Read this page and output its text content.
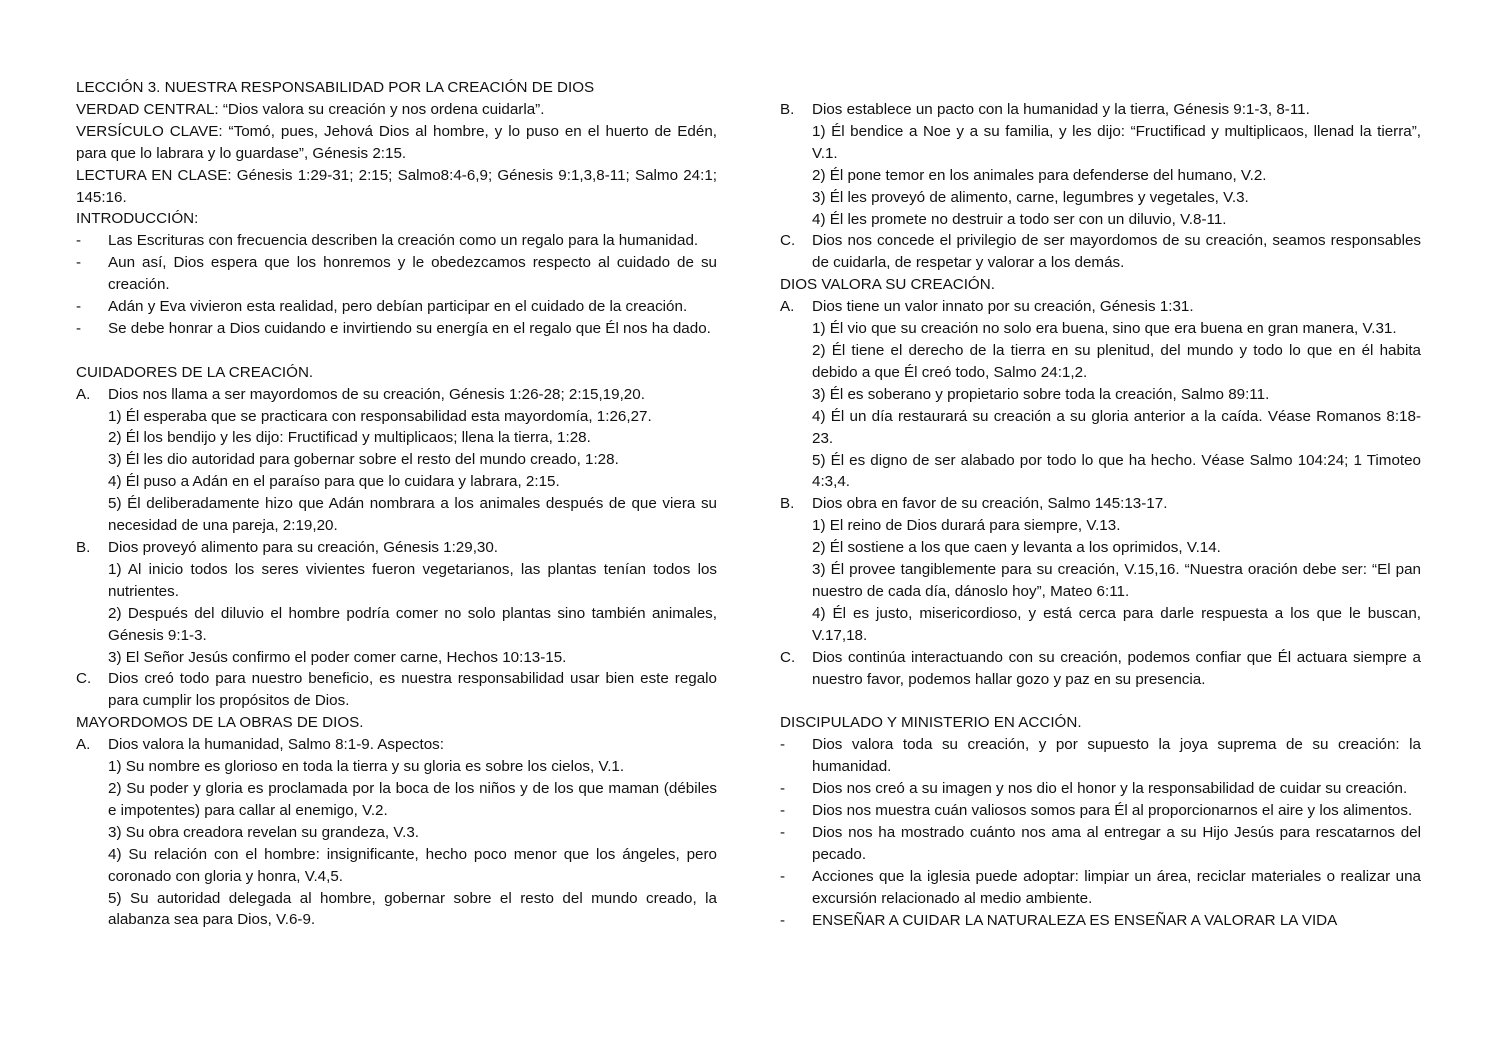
LECCIÓN 3. NUESTRA RESPONSABILIDAD POR LA CREACIÓN DE DIOS
VERDAD CENTRAL: “Dios valora su creación y nos ordena cuidarla”.
VERSÍCULO CLAVE: “Tomó, pues, Jehová Dios al hombre, y lo puso en el huerto de Edén, para que lo labrara y lo guardase”, Génesis 2:15.
LECTURA EN CLASE: Génesis 1:29-31; 2:15; Salmo8:4-6,9; Génesis 9:1,3,8-11; Salmo 24:1; 145:16.
INTRODUCCIÓN:
-	Las Escrituras con frecuencia describen la creación como un regalo para la humanidad.
-	Aun así, Dios espera que los honremos y le obedezcamos respecto al cuidado de su creación.
-	Adán y Eva vivieron esta realidad, pero debían participar en el cuidado de la creación.
-	Se debe honrar a Dios cuidando e invirtiendo su energía en el regalo que Él nos ha dado.
CUIDADORES DE LA CREACIÓN.
A.	Dios nos llama a ser mayordomos de su creación, Génesis 1:26-28; 2:15,19,20.
1) Él esperaba que se practicara con responsabilidad esta mayordomía, 1:26,27.
2) Él los bendijo y les dijo: Fructificad y multiplicaos; llena la tierra, 1:28.
3) Él les dio autoridad para gobernar sobre el resto del mundo creado, 1:28.
4) Él puso a Adán en el paraíso para que lo cuidara y labrara, 2:15.
5) Él deliberadamente hizo que Adán nombrara a los animales después de que viera su necesidad de una pareja, 2:19,20.
B.	Dios proveyó alimento para su creación, Génesis 1:29,30.
1) Al inicio todos los seres vivientes fueron vegetarianos, las plantas tenían todos los nutrientes.
2) Después del diluvio el hombre podría comer no solo plantas sino también animales, Génesis 9:1-3.
3) El Señor Jesús confirmo el poder comer carne, Hechos 10:13-15.
C.	Dios creó todo para nuestro beneficio, es nuestra responsabilidad usar bien este regalo para cumplir los propósitos de Dios.
MAYORDOMOS DE LA OBRAS DE DIOS.
A.	Dios valora la humanidad, Salmo 8:1-9. Aspectos:
1) Su nombre es glorioso en toda la tierra y su gloria es sobre los cielos, V.1.
2) Su poder y gloria es proclamada por la boca de los niños y de los que maman (débiles e impotentes) para callar al enemigo, V.2.
3) Su obra creadora revelan su grandeza, V.3.
4) Su relación con el hombre: insignificante, hecho poco menor que los ángeles, pero coronado con gloria y honra, V.4,5.
5) Su autoridad delegada al hombre, gobernar sobre el resto del mundo creado, la alabanza sea para Dios, V.6-9.
B.	Dios establece un pacto con la humanidad y la tierra, Génesis 9:1-3, 8-11.
1) Él bendice a Noe y a su familia, y les dijo: “Fructificad y multiplicaos, llenad la tierra”, V.1.
2) Él pone temor en los animales para defenderse del humano, V.2.
3) Él les proveyó de alimento, carne, legumbres y vegetales, V.3.
4) Él les promete no destruir a todo ser con un diluvio, V.8-11.
C.	Dios nos concede el privilegio de ser mayordomos de su creación, seamos responsables de cuidarla, de respetar y valorar a los demás.
DIOS VALORA SU CREACIÓN.
A.	Dios tiene un valor innato por su creación, Génesis 1:31.
1) Él vio que su creación no solo era buena, sino que era buena en gran manera, V.31.
2) Él tiene el derecho de la tierra en su plenitud, del mundo y todo lo que en él habita debido a que Él creó todo, Salmo 24:1,2.
3) Él es soberano y propietario sobre toda la creación, Salmo 89:11.
4) Él un día restaurará su creación a su gloria anterior a la caída. Véase Romanos 8:18-23.
5) Él es digno de ser alabado por todo lo que ha hecho. Véase Salmo 104:24; 1 Timoteo 4:3,4.
B.	Dios obra en favor de su creación, Salmo 145:13-17.
1) El reino de Dios durará para siempre, V.13.
2) Él sostiene a los que caen y levanta a los oprimidos, V.14.
3) Él provee tangiblemente para su creación, V.15,16. “Nuestra oración debe ser: “El pan nuestro de cada día, dánoslo hoy”, Mateo 6:11.
4) Él es justo, misericordioso, y está cerca para darle respuesta a los que le buscan, V.17,18.
C.	Dios continúa interactuando con su creación, podemos confiar que Él actuara siempre a nuestro favor, podemos hallar gozo y paz en su presencia.
DISCIPULADO Y MINISTERIO EN ACCIÓN.
-	Dios valora toda su creación, y por supuesto la joya suprema de su creación: la humanidad.
-	Dios nos creó a su imagen y nos dio el honor y la responsabilidad de cuidar su creación.
-	Dios nos muestra cuán valiosos somos para Él al proporcionarnos el aire y los alimentos.
-	Dios nos ha mostrado cuánto nos ama al entregar a su Hijo Jesús para rescatarnos del pecado.
-	Acciones que la iglesia puede adoptar: limpiar un área, reciclar materiales o realizar una excursión relacionado al medio ambiente.
-	ENSEÑAR A CUIDAR LA NATURALEZA ES ENSEÑAR A VALORAR LA VIDA
